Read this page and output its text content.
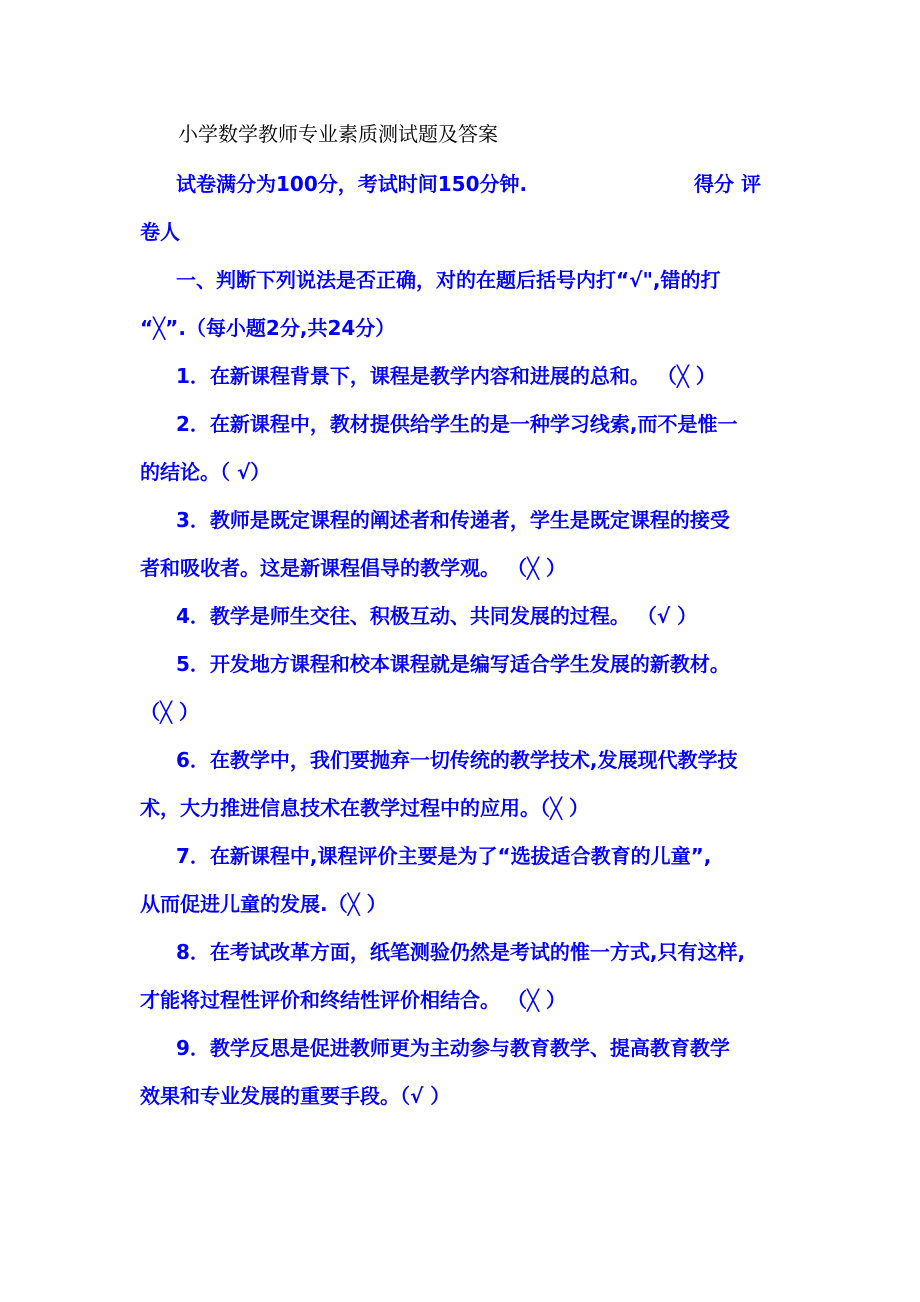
小学数学教师专业素质测试题及答案
试卷满分为100分，考试时间150分钟.	得分 评
卷人
一、判断下列说法是否正确，对的在题后括号内打“√",错的打
“╳”.（每小题2分,共24分）
1．在新课程背景下，课程是教学内容和进展的总和。 （╳ ）
2．在新课程中，教材提供给学生的是一种学习线索,而不是惟一
的结论。（ √）
3．教师是既定课程的阐述者和传递者，学生是既定课程的接受
者和吸收者。这是新课程倡导的教学观。 （╳ ）
4．教学是师生交往、积极互动、共同发展的过程。 （√ ）
5．开发地方课程和校本课程就是编写适合学生发展的新教材。
（╳ ）
6．在教学中，我们要抛弃一切传统的教学技术,发展现代教学技
术，大力推进信息技术在教学过程中的应用。（╳ ）
7．在新课程中,课程评价主要是为了“选拔适合教育的儿童”,
从而促进儿童的发展.（╳ ）
8．在考试改革方面，纸笔测验仍然是考试的惟一方式,只有这样,
才能将过程性评价和终结性评价相结合。 （╳ ）
9．教学反思是促进教师更为主动参与教育教学、提高教育教学
效果和专业发展的重要手段。（√ ）
